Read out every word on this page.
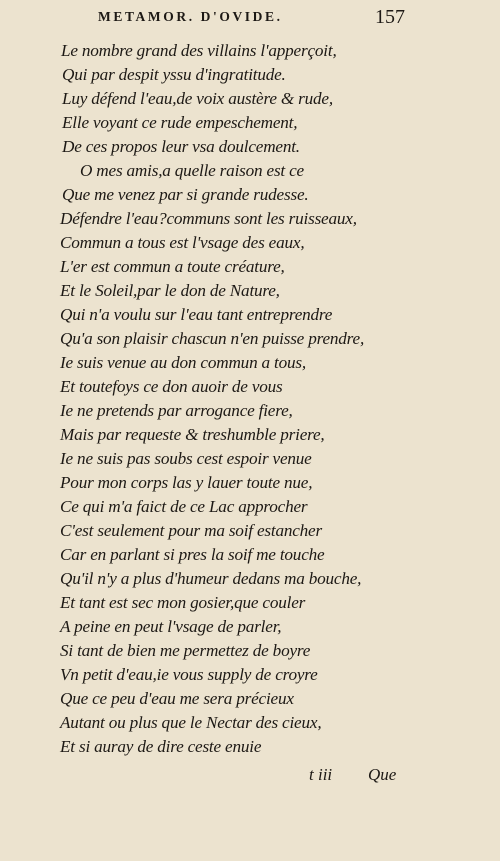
METAMOR. D'OVIDE.	157
Le nombre grand des villains l'apperçoit,
Qui par despit yssu d'ingratitude.
Luy défend l'eau,de voix austère & rude,
Elle voyant ce rude empeschement,
De ces propos leur vsa doulcement.
O mes amis,a quelle raison est ce
Que me venez par si grande rudesse.
Défendre l'eau?communs sont les ruisseaux,
Commun a tous est l'vsage des eaux,
L'er est commun a toute créature,
Et le Soleil,par le don de Nature,
Qui n'a voulu sur l'eau tant entreprendre
Qu'a son plaisir chascun n'en puisse prendre,
Ie suis venue au don commun a tous,
Et toutefoys ce don auoir de vous
Ie ne pretends par arrogance fiere,
Mais par requeste & treshumble priere,
Ie ne suis pas soubs cest espoir venue
Pour mon corps las y lauer toute nue,
Ce qui m'a faict de ce Lac approcher
C'est seulement pour ma soif estancher
Car en parlant si pres la soif me touche
Qu'il n'y a plus d'humeur dedans ma bouche,
Et tant est sec mon gosier,que couler
A peine en peut l'vsage de parler,
Si tant de bien me permettez de boyre
Vn petit d'eau,ie vous supply de croyre
Que ce peu d'eau me sera précieux
Autant ou plus que le Nectar des cieux,
Et si auray de dire ceste enuie
t iii Que
